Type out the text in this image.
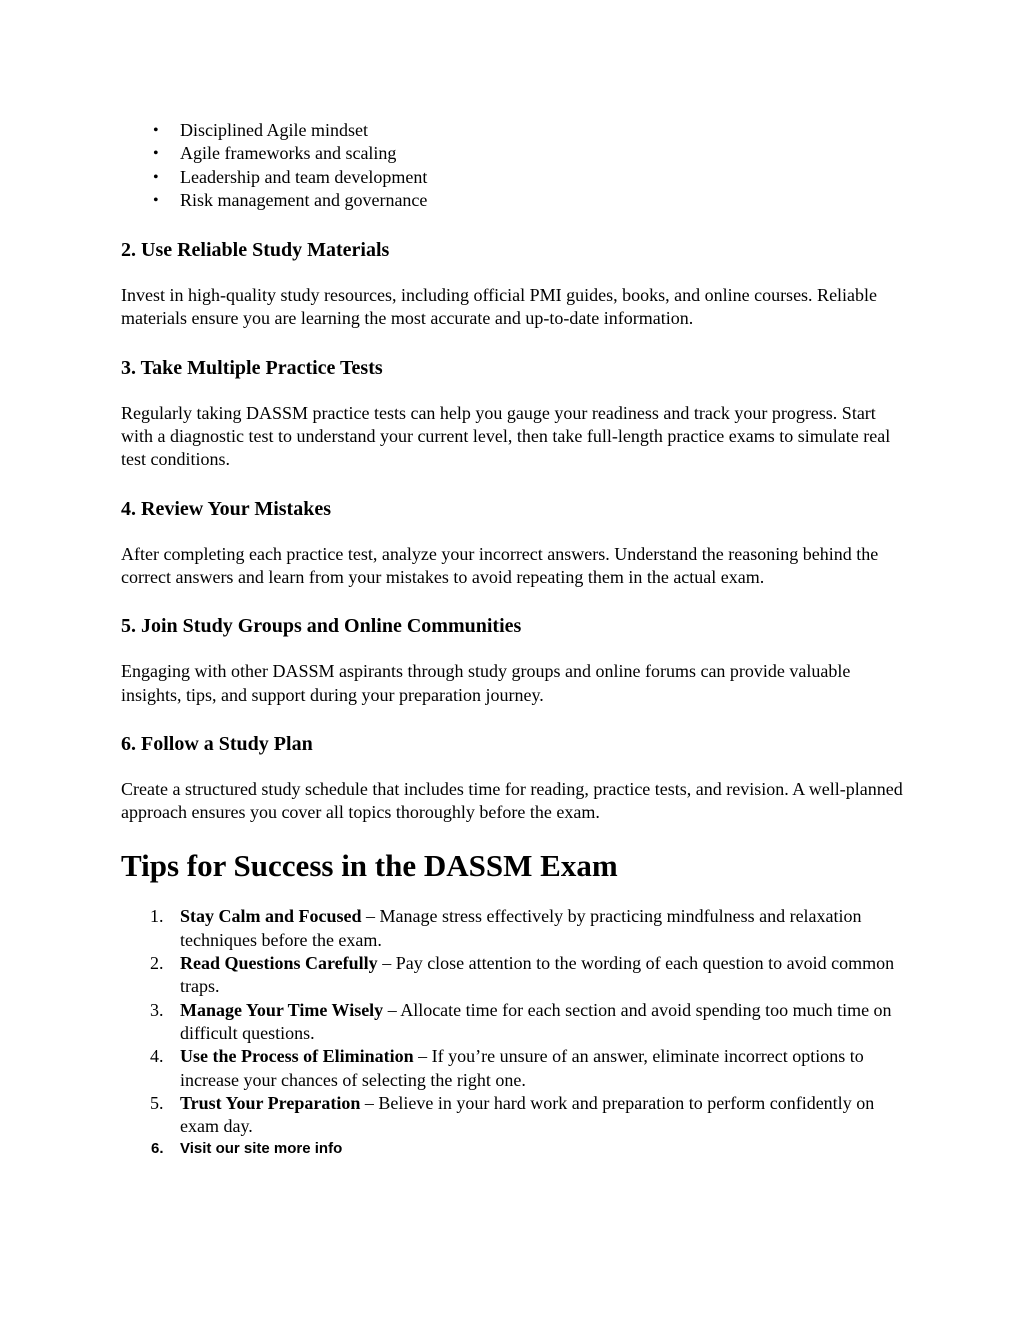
• Disciplined Agile mindset
• Agile frameworks and scaling
• Leadership and team development
• Risk management and governance
2. Use Reliable Study Materials

Invest in high-quality study resources, including official PMI guides, books, and online courses. Reliable materials ensure you are learning the most accurate and up-to-date information.

3. Take Multiple Practice Tests

Regularly taking DASSM practice tests can help you gauge your readiness and track your progress. Start with a diagnostic test to understand your current level, then take full-length practice exams to simulate real test conditions.

4. Review Your Mistakes

After completing each practice test, analyze your incorrect answers. Understand the reasoning behind the correct answers and learn from your mistakes to avoid repeating them in the actual exam.

5. Join Study Groups and Online Communities

Engaging with other DASSM aspirants through study groups and online forums can provide valuable insights, tips, and support during your preparation journey.

6. Follow a Study Plan

Create a structured study schedule that includes time for reading, practice tests, and revision. A well-planned approach ensures you cover all topics thoroughly before the exam.

Tips for Success in the DASSM Exam
1. Stay Calm and Focused – Manage stress effectively by practicing mindfulness and relaxation techniques before the exam.
2. Read Questions Carefully – Pay close attention to the wording of each question to avoid common traps.
3. Manage Your Time Wisely – Allocate time for each section and avoid spending too much time on difficult questions.
4. Use the Process of Elimination – If you’re unsure of an answer, eliminate incorrect options to increase your chances of selecting the right one.
5. Trust Your Preparation – Believe in your hard work and preparation to perform confidently on exam day.
6. Visit our site more info
